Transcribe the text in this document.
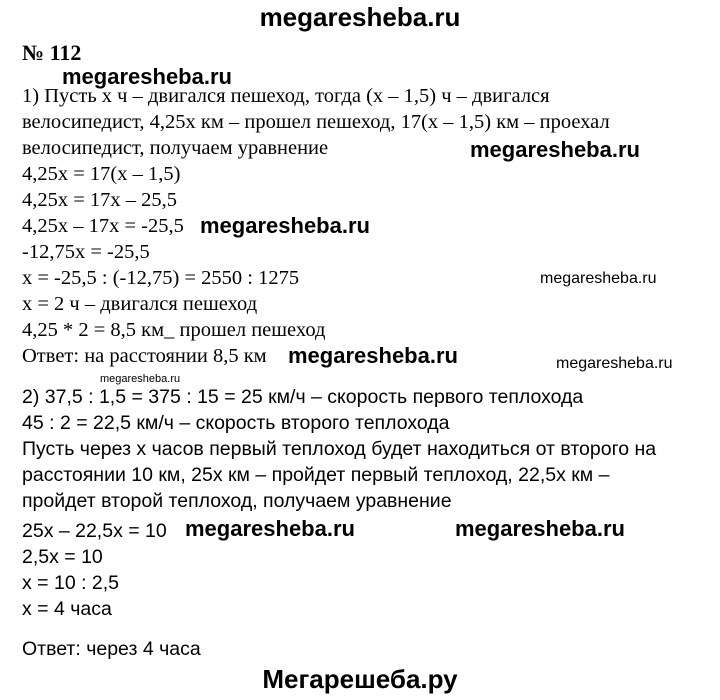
megaresheba.ru
№ 112
1) Пусть x ч – двигался пешеход, тогда (x – 1,5) ч – двигался
велосипедист, 4,25x км – прошел пешеход, 17(x – 1,5) км – проехал
велосипедист, получаем уравнение
4,25x = 17(x – 1,5)
4,25x = 17x – 25,5
4,25x – 17x = -25,5
-12,75x = -25,5
x = -25,5 : (-12,75) = 2550 : 1275
x = 2 ч – двигался пешеход
4,25 * 2 = 8,5 км_ прошел пешеход
Ответ: на расстоянии 8,5 км
2) 37,5 : 1,5 = 375 : 15 = 25 км/ч – скорость первого теплохода
45 : 2 = 22,5 км/ч – скорость второго теплохода
Пусть через x часов первый теплоход будет находиться от второго на
расстоянии 10 км, 25x км – пройдет первый теплоход, 22,5x км –
пройдет второй теплоход, получаем уравнение
25x – 22,5x = 10
2,5x = 10
x = 10 : 2,5
x = 4 часа
Ответ: через 4 часа
megaresheba.ru
megaresheba.ru
megaresheba.ru
megaresheba.ru
megaresheba.ru	megaresheba.ru
megaresheba.ru
megaresheba.ru	megaresheba.ru
Мегарешеба.ру
